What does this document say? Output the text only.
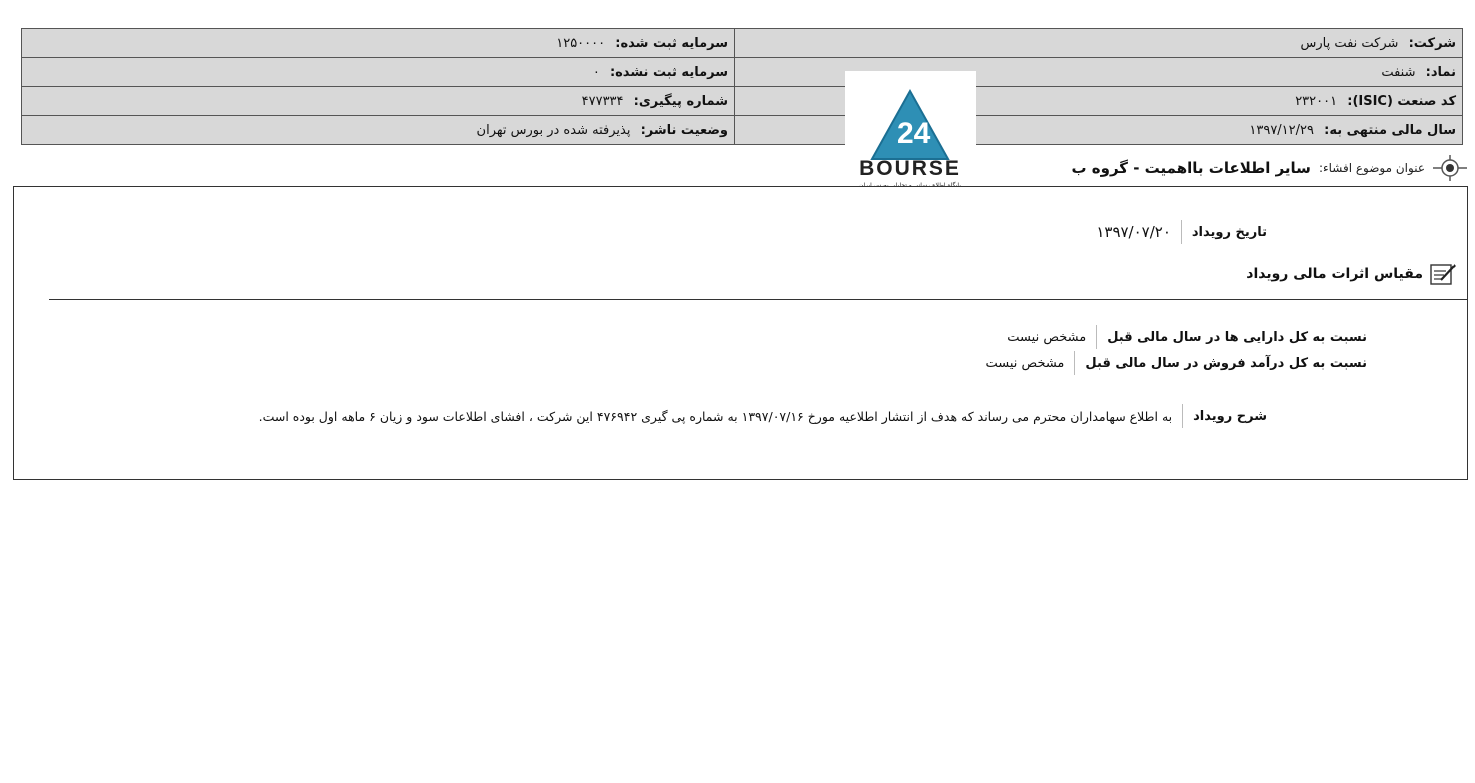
شرکت: شرکت نفت پارس	سرمایه ثبت شده: ۱۲۵۰۰۰۰
نماد: شنفت	سرمایه ثبت نشده: ۰
کد صنعت (ISIC): ۲۳۲۰۰۱	شماره پیگیری: ۴۷۷۳۳۴
سال مالی منتهی به: ۱۳۹۷/۱۲/۲۹	وضعیت ناشر: پذیرفته شده در بورس تهران	24
BOURSE	عنوان موضوع افشاء:
سایر اطلاعات بااهمیت - گروه ب
تاریخ رویداد
۱۳۹۷/۰۷/۲۰
مقیاس اثرات مالی رویداد
نسبت به کل دارایی ها در سال مالی قبل
مشخص نیست
نسبت به کل درآمد فروش در سال مالی قبل
مشخص نیست
شرح رویداد
به اطلاع سهامداران محترم می رساند که هدف از انتشار اطلاعیه مورخ ۱۳۹۷/۰۷/۱۶ به شماره پی گیری ۴۷۶۹۴۲ این شرکت ، افشای اطلاعات سود و زیان ۶ ماهه اول بوده است.
